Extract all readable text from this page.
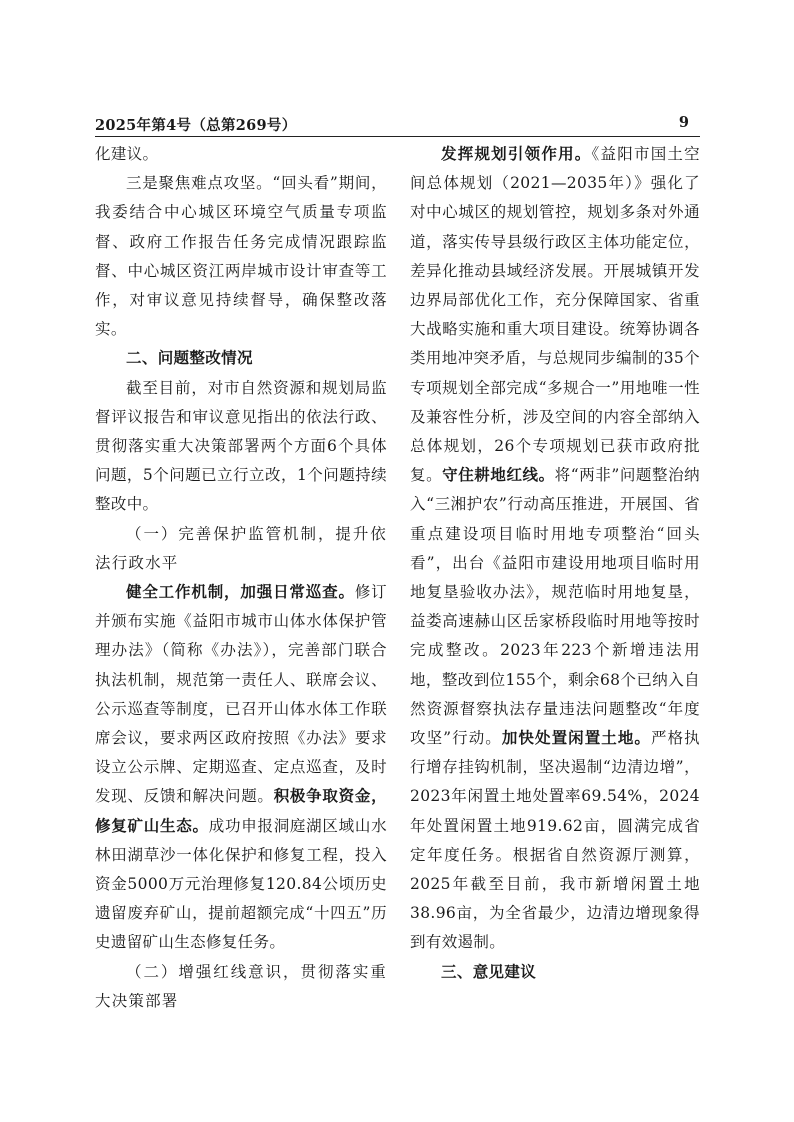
2025年第4号（总第269号）	9

化建议。

三是聚焦难点攻坚。“回头看”期间，我委结合中心城区环境空气质量专项监督、政府工作报告任务完成情况跟踪监督、中心城区资江两岸城市设计审查等工作，对审议意见持续督导，确保整改落实。

二、问题整改情况

截至目前，对市自然资源和规划局监督评议报告和审议意见指出的依法行政、贯彻落实重大决策部署两个方面6个具体问题，5个问题已立行立改，1个问题持续整改中。

（一）完善保护监管机制，提升依法行政水平

健全工作机制，加强日常巡查。修订并颁布实施《益阳市城市山体水体保护管理办法》（简称《办法》），完善部门联合执法机制，规范第一责任人、联席会议、公示巡查等制度，已召开山体水体工作联席会议，要求两区政府按照《办法》要求设立公示牌、定期巡查、定点巡查，及时发现、反馈和解决问题。积极争取资金，修复矿山生态。成功申报洞庭湖区域山水林田湖草沙一体化保护和修复工程，投入资金5000万元治理修复120.84公顷历史遗留废弃矿山，提前超额完成“十四五”历史遗留矿山生态修复任务。

（二）增强红线意识，贯彻落实重大决策部署

发挥规划引领作用。《益阳市国土空间总体规划（2021—2035年）》强化了对中心城区的规划管控，规划多条对外通道，落实传导县级行政区主体功能定位，差异化推动县域经济发展。开展城镇开发边界局部优化工作，充分保障国家、省重大战略实施和重大项目建设。统筹协调各类用地冲突矛盾，与总规同步编制的35个专项规划全部完成“多规合一”用地唯一性及兼容性分析，涉及空间的内容全部纳入总体规划，26个专项规划已获市政府批复。守住耕地红线。将“两非”问题整治纳入“三湘护农”行动高压推进，开展国、省重点建设项目临时用地专项整治“回头看”，出台《益阳市建设用地项目临时用地复垦验收办法》，规范临时用地复垦，益娄高速赫山区岳家桥段临时用地等按时完成整改。2023年223个新增违法用地，整改到位155个，剩余68个已纳入自然资源督察执法存量违法问题整改“年度攻坚”行动。加快处置闲置土地。严格执行增存挂钩机制，坚决遏制“边清边增”，2023年闲置土地处置率69.54%，2024年处置闲置土地919.62亩，圆满完成省定年度任务。根据省自然资源厅测算，2025年截至目前，我市新增闲置土地38.96亩，为全省最少，边清边增现象得到有效遏制。

三、意见建议
